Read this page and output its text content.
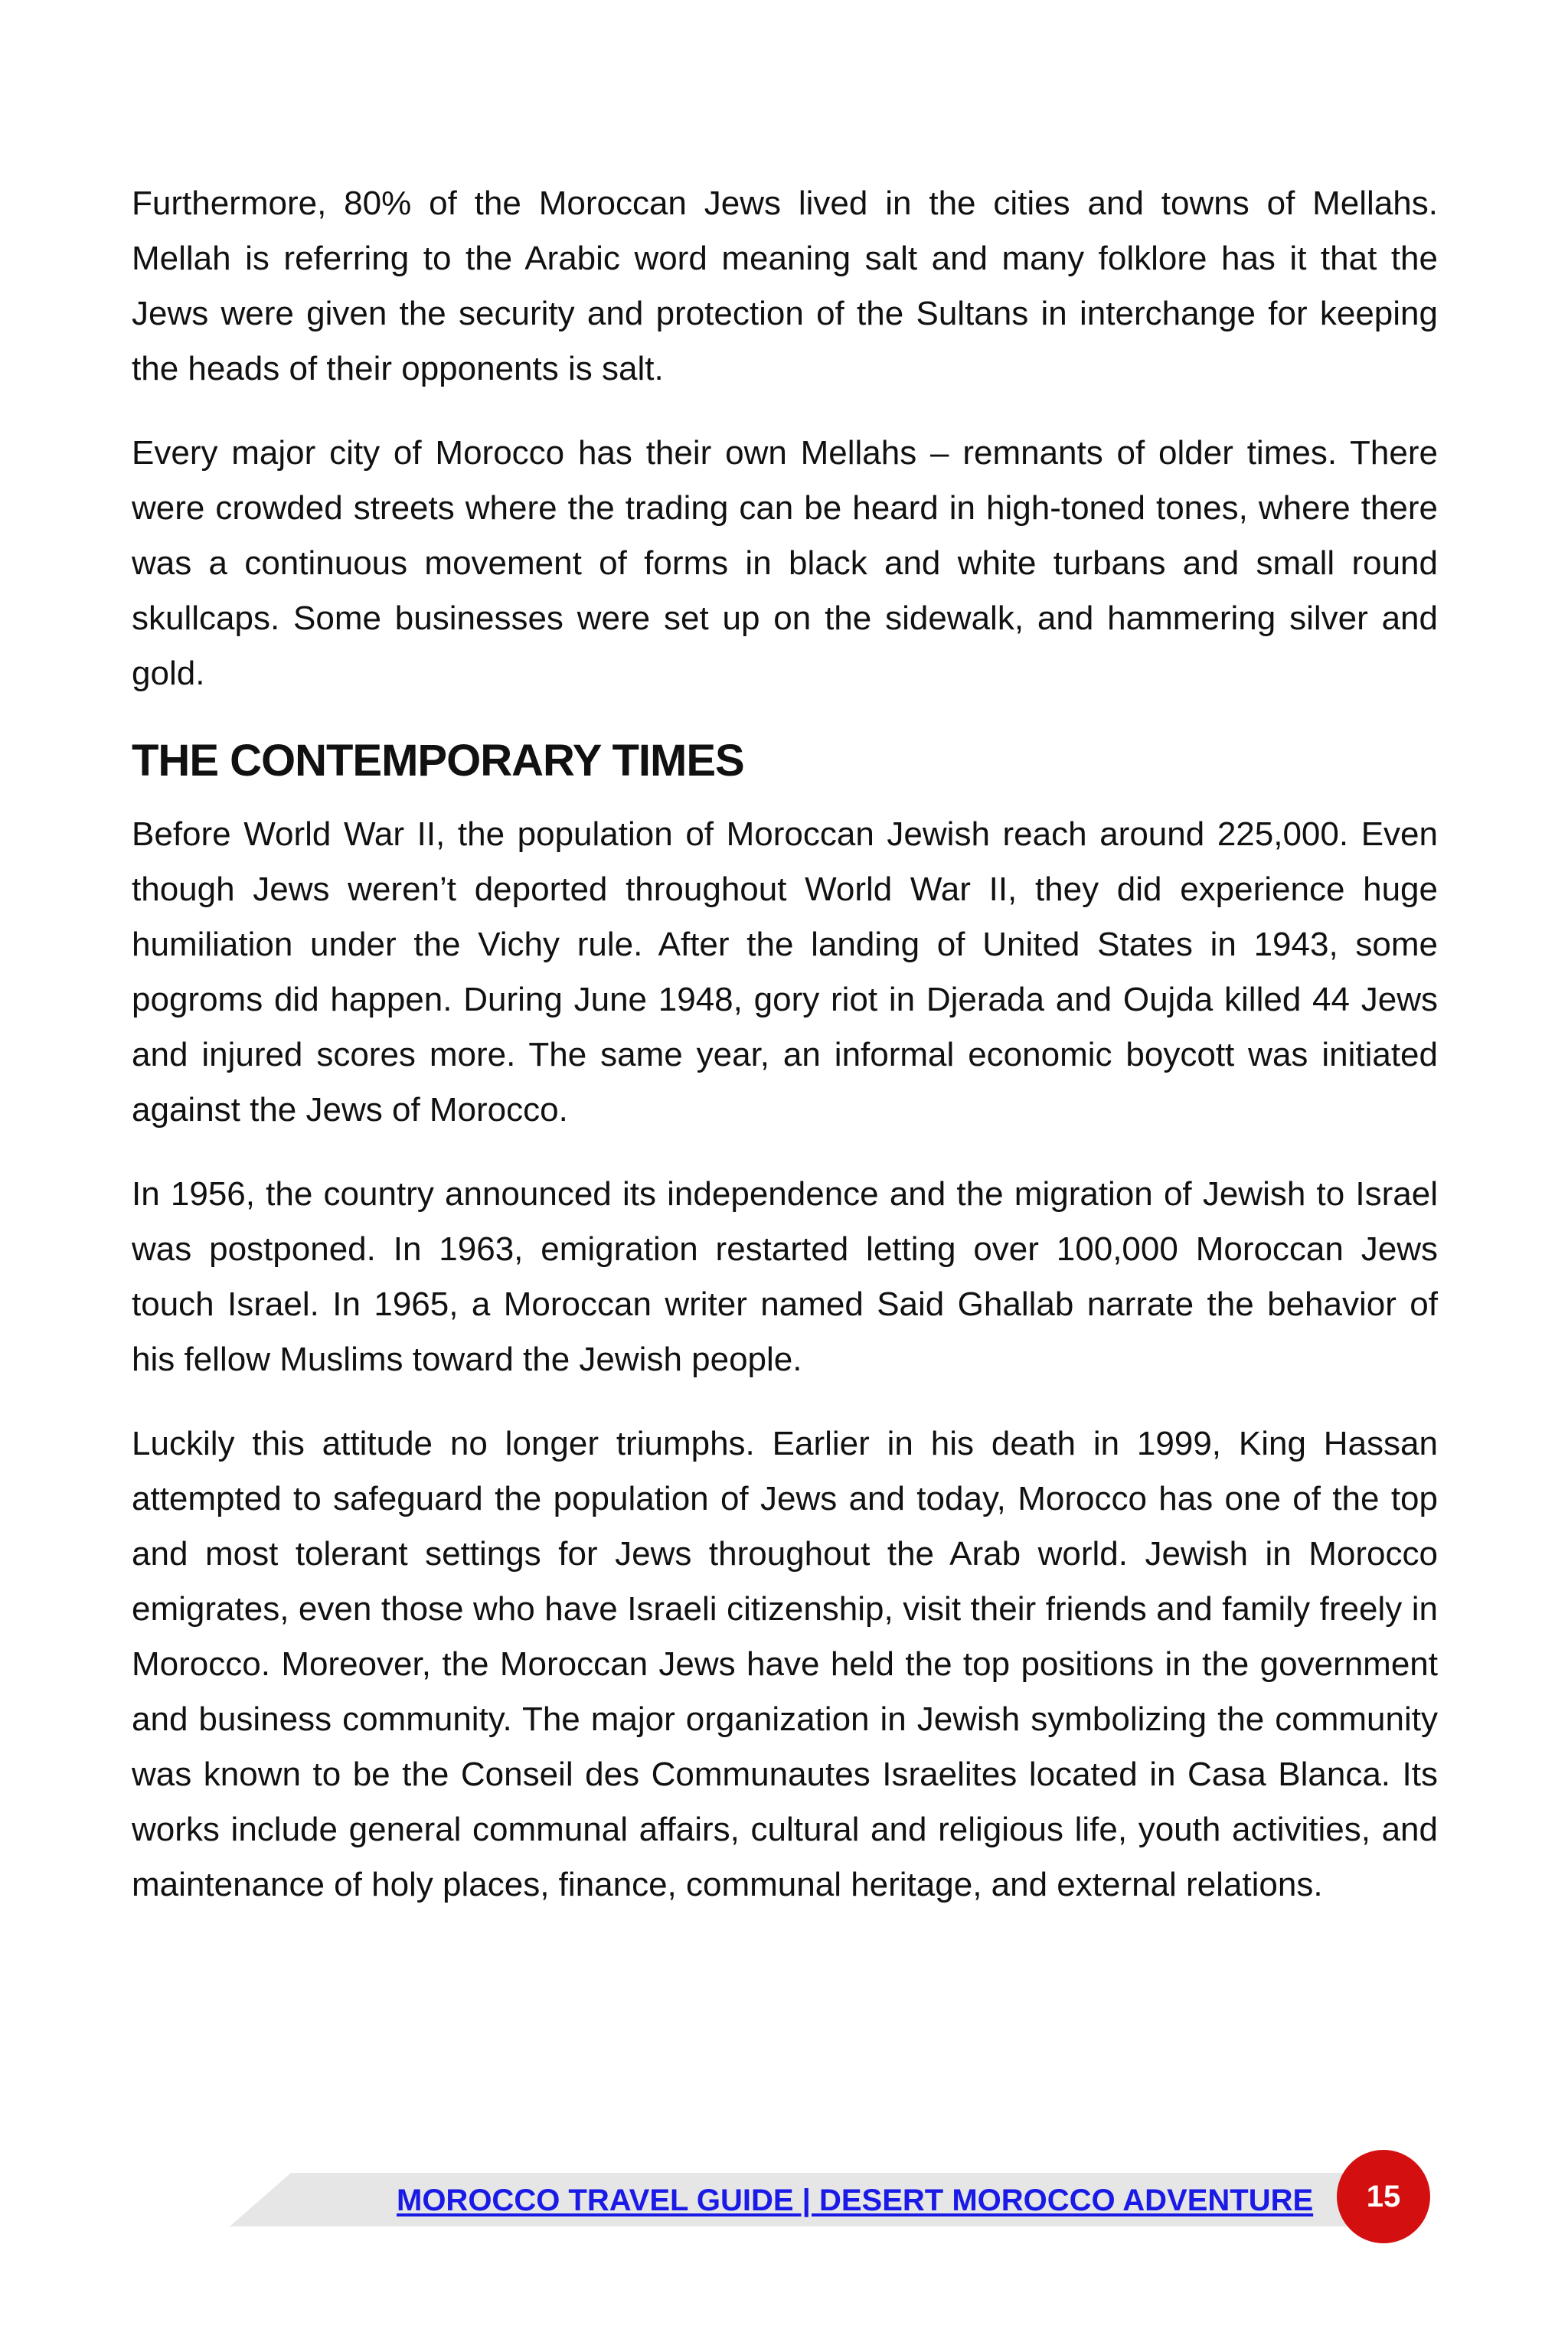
Furthermore, 80% of the Moroccan Jews lived in the cities and towns of Mellahs. Mellah is referring to the Arabic word meaning salt and many folklore has it that the Jews were given the security and protection of the Sultans in interchange for keeping the heads of their opponents is salt.

Every major city of Morocco has their own Mellahs – remnants of older times. There were crowded streets where the trading can be heard in high-toned tones, where there was a continuous movement of forms in black and white turbans and small round skullcaps. Some businesses were set up on the sidewalk, and hammering silver and gold.

THE CONTEMPORARY TIMES

Before World War II, the population of Moroccan Jewish reach around 225,000. Even though Jews weren’t deported throughout World War II, they did experience huge humiliation under the Vichy rule. After the landing of United States in 1943, some pogroms did happen. During June 1948, gory riot in Djerada and Oujda killed 44 Jews and injured scores more. The same year, an informal economic boycott was initiated against the Jews of Morocco.

In 1956, the country announced its independence and the migration of Jewish to Israel was postponed. In 1963, emigration restarted letting over 100,000 Moroccan Jews touch Israel. In 1965, a Moroccan writer named Said Ghallab narrate the behavior of his fellow Muslims toward the Jewish people.

Luckily this attitude no longer triumphs. Earlier in his death in 1999, King Hassan attempted to safeguard the population of Jews and today, Morocco has one of the top and most tolerant settings for Jews throughout the Arab world. Jewish in Morocco emigrates, even those who have Israeli citizenship, visit their friends and family freely in Morocco. Moreover, the Moroccan Jews have held the top positions in the government and business community. The major organization in Jewish symbolizing the community was known to be the Conseil des Communautes Israelites located in Casa Blanca. Its works include general communal affairs, cultural and religious life, youth activities, and maintenance of holy places, finance, communal heritage, and external relations.

MOROCCO TRAVEL GUIDE | DESERT MOROCCO ADVENTURE	15
